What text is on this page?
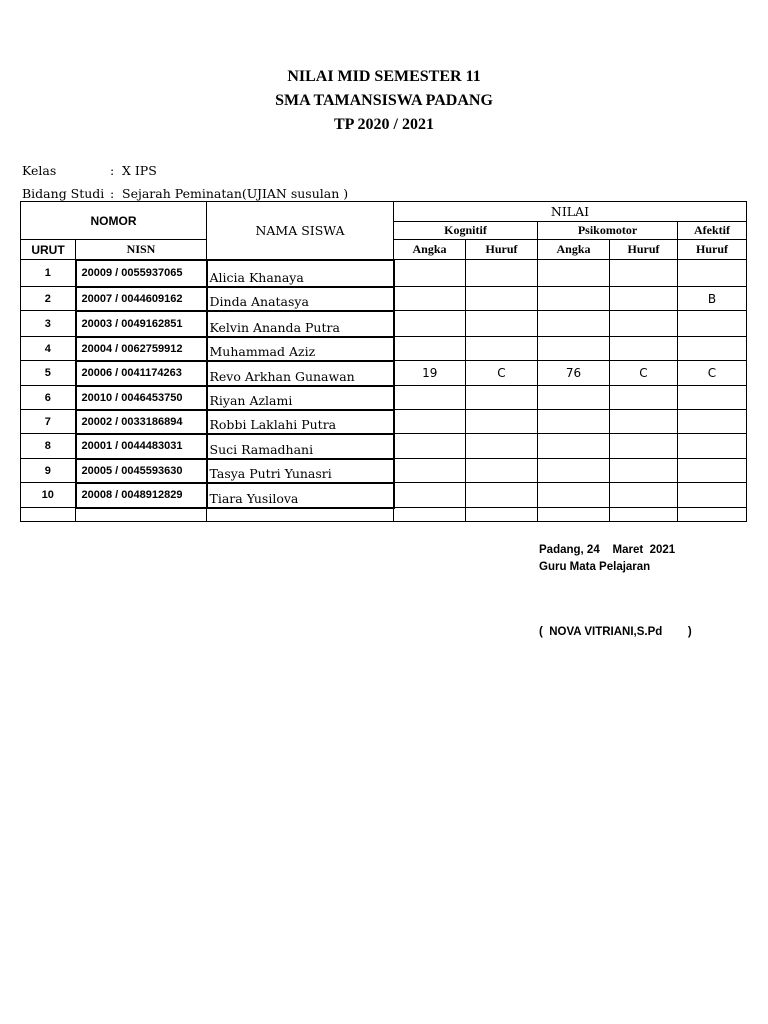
NILAI MID SEMESTER 11
SMA TAMANSISWA PADANG
TP 2020 / 2021
Kelas	: X IPS
Bidang Studi : Sejarah Peminatan(UJIAN susulan )
NOMOR		NAMA SISWA	NILAI				
			Kognitif		Psikomotor		Afektif
URUT	NISN		Angka	Huruf	Angka	Huruf	Huruf
1	20009 / 0055937065	Alicia Khanaya					
2	20007 / 0044609162	Dinda Anatasya					B
3	20003 / 0049162851	Kelvin Ananda Putra					
4	20004 / 0062759912	Muhammad Aziz					
5	20006 / 0041174263	Revo Arkhan Gunawan	19	C	76	C	C
6	20010 / 0046453750	Riyan Azlami					
7	20002 / 0033186894	Robbi Laklahi Putra					
8	20001 / 0044483031	Suci Ramadhani					
9	20005 / 0045593630	Tasya Putri Yunasri					
10	20008 / 0048912829	Tiara Yusilova					

Padang, 24    Maret  2021
Guru Mata Pelajaran
(  NOVA VITRIANI,S.Pd        )
